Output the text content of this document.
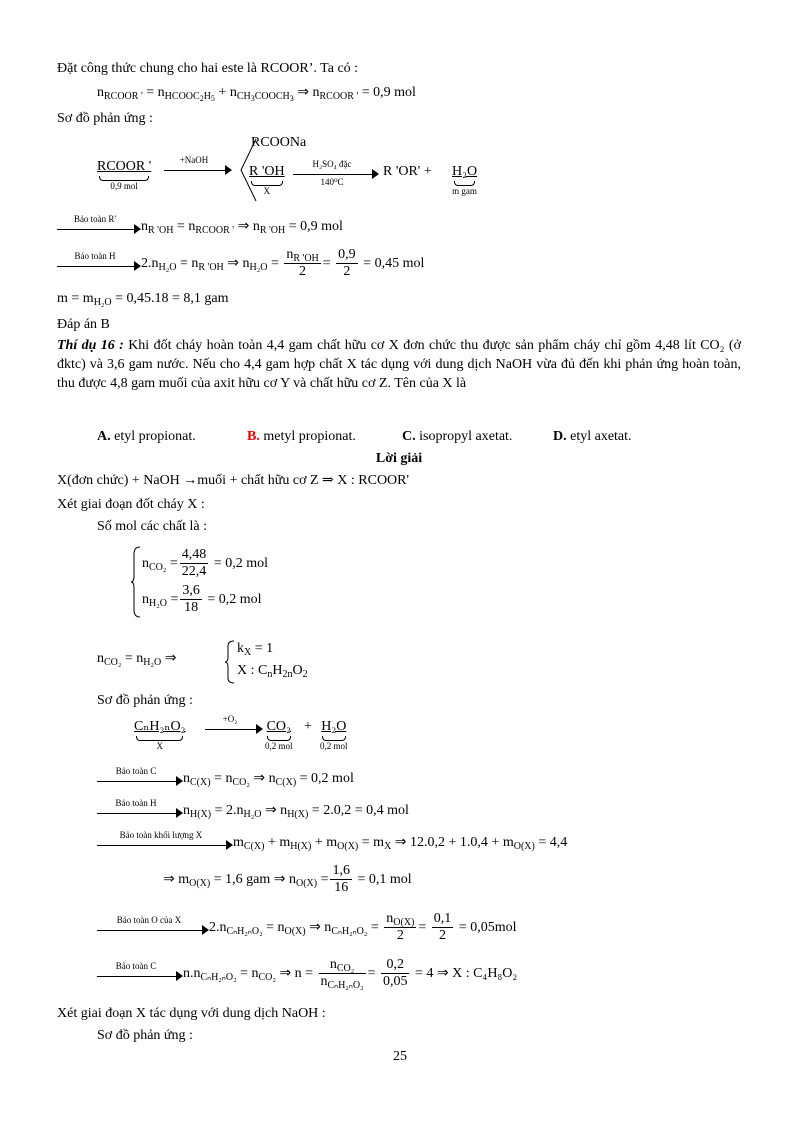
Đặt công thức chung cho hai este là RCOOR’. Ta có :
$n_{RCOOR '} = n_{HCOOC_2H_5} + n_{CH_3COOCH_3}$ ⇒ $n_{RCOOR '} = 0,9$ mol
Sơ đồ phản ứng :
RCOOR '
0,9 mol
+NaOH
RCOONa
R 'OH
X
H₂SO₄ đặc
140⁰C
R 'OR' + H₂O
m gam
Bảo toàn R'
$n_{R 'OH} = n_{RCOOR '}$ ⇒ $n_{R 'OH} = 0,9$ mol
Bảo toàn H
$2.n_{H_2O} = n_{R 'OH}$ ⇒ $n_{H_2O} = \frac{n_{R 'OH}}{2} = \frac{0,9}{2} = 0,45$ mol
$m = m_{H_2O} = 0,45.18 = 8,1$ gam
Đáp án B
Thí dụ 16 : Khi đốt cháy hoàn toàn 4,4 gam chất hữu cơ X đơn chức thu được sản phẩm cháy chỉ gồm 4,48 lít CO₂ (ở đktc) và 3,6 gam nước. Nếu cho 4,4 gam hợp chất X tác dụng với dung dịch NaOH vừa đủ đến khi phản ứng hoàn toàn, thu được 4,8 gam muối của axit hữu cơ Y và chất hữu cơ Z. Tên của X là
A. etyl propionat.	B. metyl propionat.	C. isopropyl axetat.	D. etyl axetat.
Lời giải
X(đơn chức) + NaOH →muối + chất hữu cơ Z ⇒ X : RCOOR'
Xét giai đoạn đốt cháy X :
Số mol các chất là :
$n_{CO_2} = \frac{4,48}{22,4} = 0,2$ mol
$n_{H_2O} = \frac{3,6}{18} = 0,2$ mol
$n_{CO_2} = n_{H_2O}$ ⇒
$k_X = 1$
X : $C_nH_{2n}O_2$
Sơ đồ phản ứng :
CₙH₂ₙO₂
X
+O₂	CO₂
0,2 mol
+ H₂O
0,2 mol
Bảo toàn C
$n_{C(X)} = n_{CO_2}$ ⇒ $n_{C(X)} = 0,2$ mol
Bảo toàn H
$n_{H(X)} = 2.n_{H_2O}$ ⇒ $n_{H(X)} = 2.0,2 = 0,4$ mol
Bảo toàn khối lượng X
$m_{C(X)} + m_{H(X)} + m_{O(X)} = m_X$ ⇒ $12.0,2 + 1.0,4 + m_{O(X)} = 4,4$
⇒ $m_{O(X)} = 1,6$ gam ⇒ $n_{O(X)} = \frac{1,6}{16} = 0,1$ mol
Bảo toàn O của X
$2.n_{C_nH_{2n}O_2} = n_{O(X)}$ ⇒ $n_{C_nH_{2n}O_2} = \frac{n_{O(X)}}{2} = \frac{0,1}{2} = 0,05mol$
Bảo toàn C
$n.n_{C_nH_{2n}O_2} = n_{CO_2}$ ⇒ $n = \frac{n_{CO_2}}{n_{C_nH_{2n}O_2}} = \frac{0,2}{0,05} = 4$ ⇒ X : C₄H₈O₂
Xét giai đoạn X tác dụng với dung dịch NaOH :
Sơ đồ phản ứng :
25
